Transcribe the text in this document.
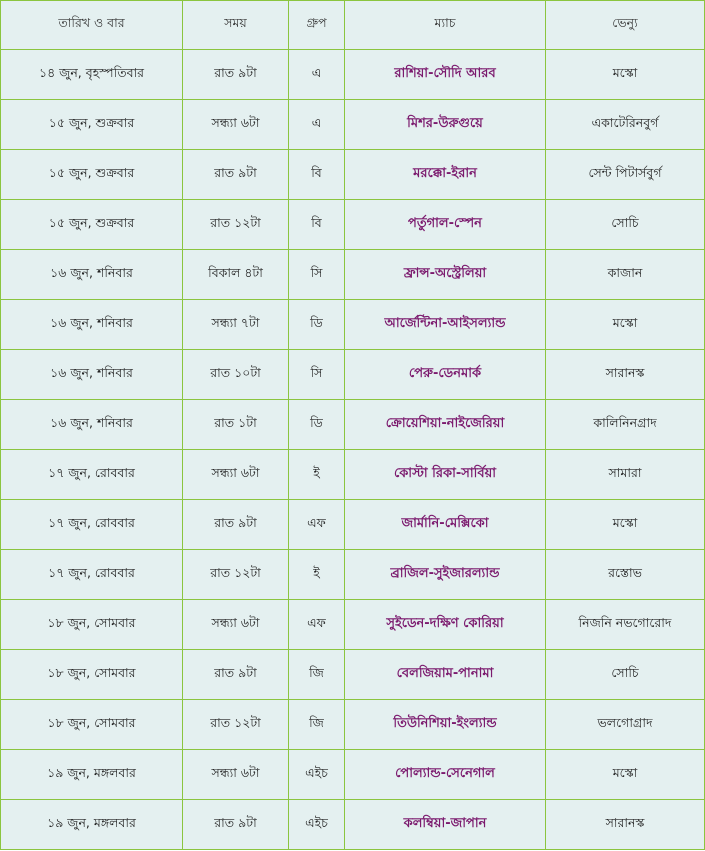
তারিখ ও বার	সময়	গ্রুপ	ম্যাচ	ভেন্যু
১৪ জুন, বৃহস্পতিবার	রাত ৯টা	এ	রাশিয়া-সৌদি আরব	মস্কো
১৫ জুন, শুক্রবার	সন্ধ্যা ৬টা	এ	মিশর-উরুগুয়ে	একাটেরিনবুর্গ
১৫ জুন, শুক্রবার	রাত ৯টা	বি	মরক্কো-ইরান	সেন্ট পিটার্সবুর্গ
১৫ জুন, শুক্রবার	রাত ১২টা	বি	পর্তুগাল-স্পেন	সোচি
১৬ জুন, শনিবার	বিকাল ৪টা	সি	ফ্রান্স-অস্ট্রেলিয়া	কাজান
১৬ জুন, শনিবার	সন্ধ্যা ৭টা	ডি	আর্জেন্টিনা-আইসল্যান্ড	মস্কো
১৬ জুন, শনিবার	রাত ১০টা	সি	পেরু-ডেনমার্ক	সারানস্ক
১৬ জুন, শনিবার	রাত ১টা	ডি	ক্রোয়েশিয়া-নাইজেরিয়া	কালিনিনগ্রাদ
১৭ জুন, রোববার	সন্ধ্যা ৬টা	ই	কোস্টা রিকা-সার্বিয়া	সামারা
১৭ জুন, রোববার	রাত ৯টা	এফ	জার্মানি-মেক্সিকো	মস্কো
১৭ জুন, রোববার	রাত ১২টা	ই	ব্রাজিল-সুইজারল্যান্ড	রস্তোভ
১৮ জুন, সোমবার	সন্ধ্যা ৬টা	এফ	সুইডেন-দক্ষিণ কোরিয়া	নিজনি নভগোরোদ
১৮ জুন, সোমবার	রাত ৯টা	জি	বেলজিয়াম-পানামা	সোচি
১৮ জুন, সোমবার	রাত ১২টা	জি	তিউনিশিয়া-ইংল্যান্ড	ভলগোগ্রাদ
১৯ জুন, মঙ্গলবার	সন্ধ্যা ৬টা	এইচ	পোল্যান্ড-সেনেগাল	মস্কো
১৯ জুন, মঙ্গলবার	রাত ৯টা	এইচ	কলম্বিয়া-জাপান	সারানস্ক
